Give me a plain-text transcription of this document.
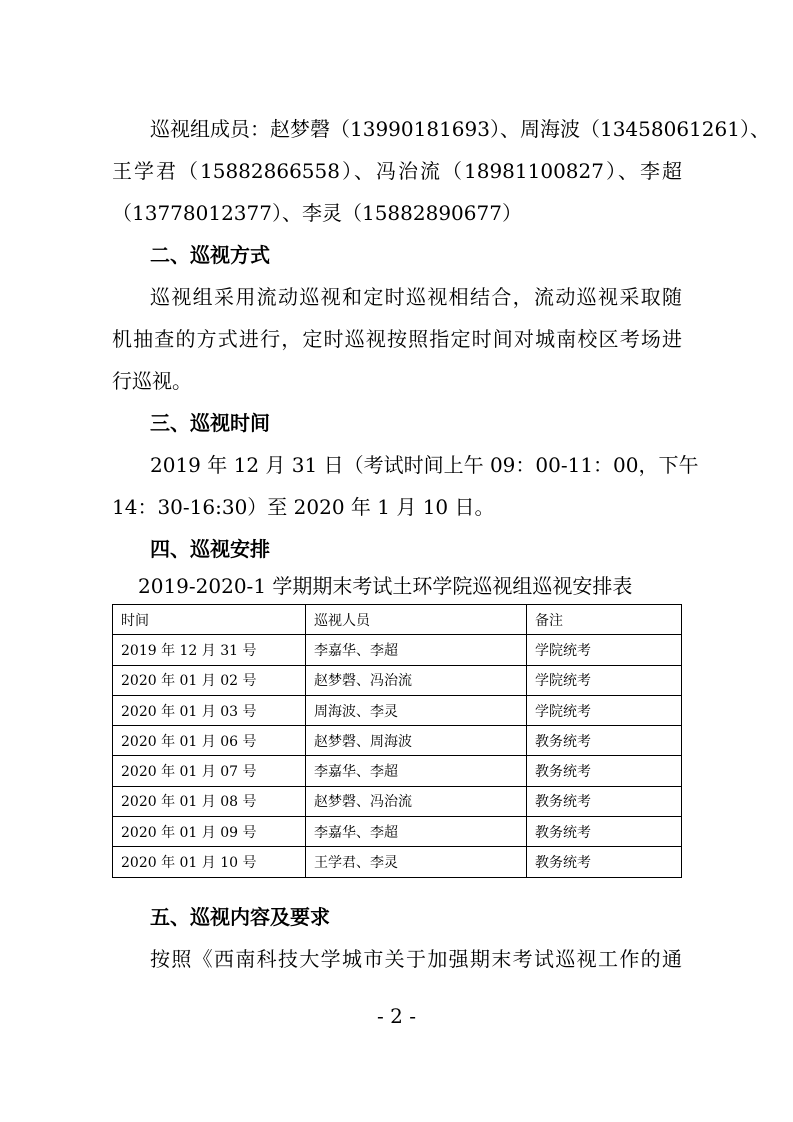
巡视组成员：赵梦磬（13990181693）、周海波（13458061261）、
王学君（15882866558）、冯治流（18981100827）、李超
（13778012377）、李灵（15882890677）
二、巡视方式
巡视组采用流动巡视和定时巡视相结合，流动巡视采取随
机抽查的方式进行，定时巡视按照指定时间对城南校区考场进
行巡视。
三、巡视时间
2019 年 12 月 31 日（考试时间上午 09：00-11：00，下午
14：30-16:30）至 2020 年 1 月 10 日。
四、巡视安排
2019-2020-1 学期期末考试土环学院巡视组巡视安排表
时间	巡视人员	备注
2019 年 12 月 31 号	李嘉华、李超	学院统考
2020 年 01 月 02 号	赵梦磬、冯治流	学院统考
2020 年 01 月 03 号	周海波、李灵	学院统考
2020 年 01 月 06 号	赵梦磬、周海波	教务统考
2020 年 01 月 07 号	李嘉华、李超	教务统考
2020 年 01 月 08 号	赵梦磬、冯治流	教务统考
2020 年 01 月 09 号	李嘉华、李超	教务统考
2020 年 01 月 10 号	王学君、李灵	教务统考
五、巡视内容及要求
按照《西南科技大学城市关于加强期末考试巡视工作的通
- 2 -
